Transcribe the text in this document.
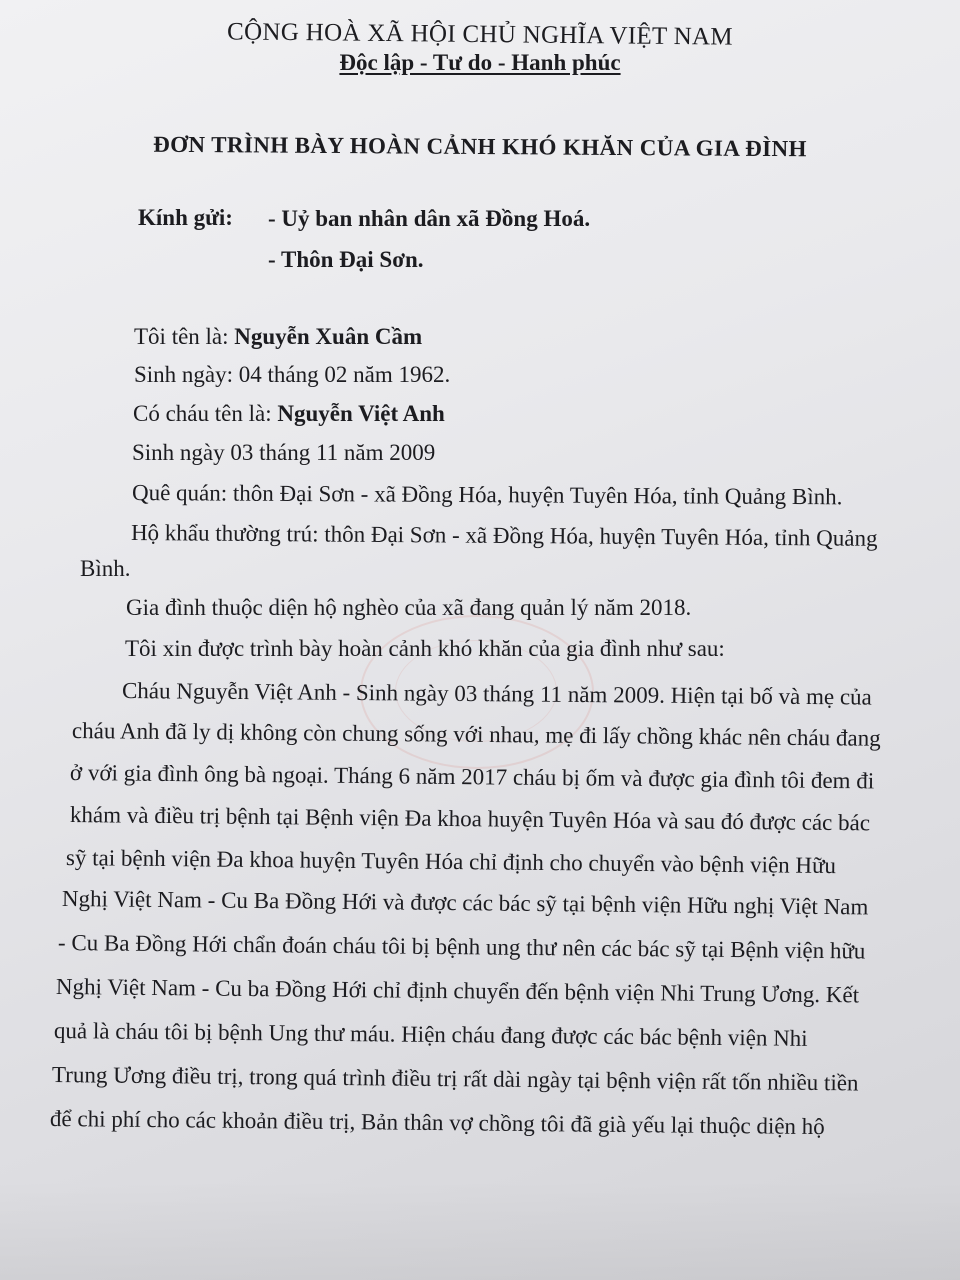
CỘNG HOÀ XÃ HỘI CHỦ NGHĨA VIỆT NAM
Độc lập - Tư do - Hanh phúc
ĐƠN TRÌNH BÀY HOÀN CẢNH KHÓ KHĂN CỦA GIA ĐÌNH
Kính gửi: - Uỷ ban nhân dân xã Đồng Hoá.
- Thôn Đại Sơn.
Tôi tên là: Nguyễn Xuân Cầm
Sinh ngày: 04 tháng 02 năm 1962.
Có cháu tên là: Nguyễn Việt Anh
Sinh ngày 03 tháng 11 năm 2009
Quê quán: thôn Đại Sơn - xã Đồng Hóa, huyện Tuyên Hóa, tỉnh Quảng Bình.
Hộ khẩu thường trú: thôn Đại Sơn - xã Đồng Hóa, huyện Tuyên Hóa, tỉnh Quảng
Bình.
Gia đình thuộc diện hộ nghèo của xã đang quản lý năm 2018.
Tôi xin được trình bày hoàn cảnh khó khăn của gia đình như sau:
Cháu Nguyễn Việt Anh - Sinh ngày 03 tháng 11 năm 2009. Hiện tại bố và mẹ của
cháu Anh đã ly dị không còn chung sống với nhau, mẹ đi lấy chồng khác nên cháu đang
ở với gia đình ông bà ngoại. Tháng 6 năm 2017 cháu bị ốm và được gia đình tôi đem đi
khám và điều trị bệnh tại Bệnh viện Đa khoa huyện Tuyên Hóa và sau đó được các bác
sỹ tại bệnh viện Đa khoa huyện Tuyên Hóa chỉ định cho chuyển vào bệnh viện Hữu
Nghị Việt Nam - Cu Ba Đồng Hới và được các bác sỹ tại bệnh viện Hữu nghị Việt Nam
- Cu Ba Đồng Hới chẩn đoán cháu tôi bị bệnh ung thư nên các bác sỹ tại Bệnh viện hữu
Nghị Việt Nam - Cu ba Đồng Hới chỉ định chuyển đến bệnh viện Nhi Trung Ương. Kết
quả là cháu tôi bị bệnh Ung thư máu. Hiện cháu đang được các bác bệnh viện Nhi
Trung Ương điều trị, trong quá trình điều trị rất dài ngày tại bệnh viện rất tốn nhiều tiền
để chi phí cho các khoản điều trị, Bản thân vợ chồng tôi đã già yếu lại thuộc diện hộ
